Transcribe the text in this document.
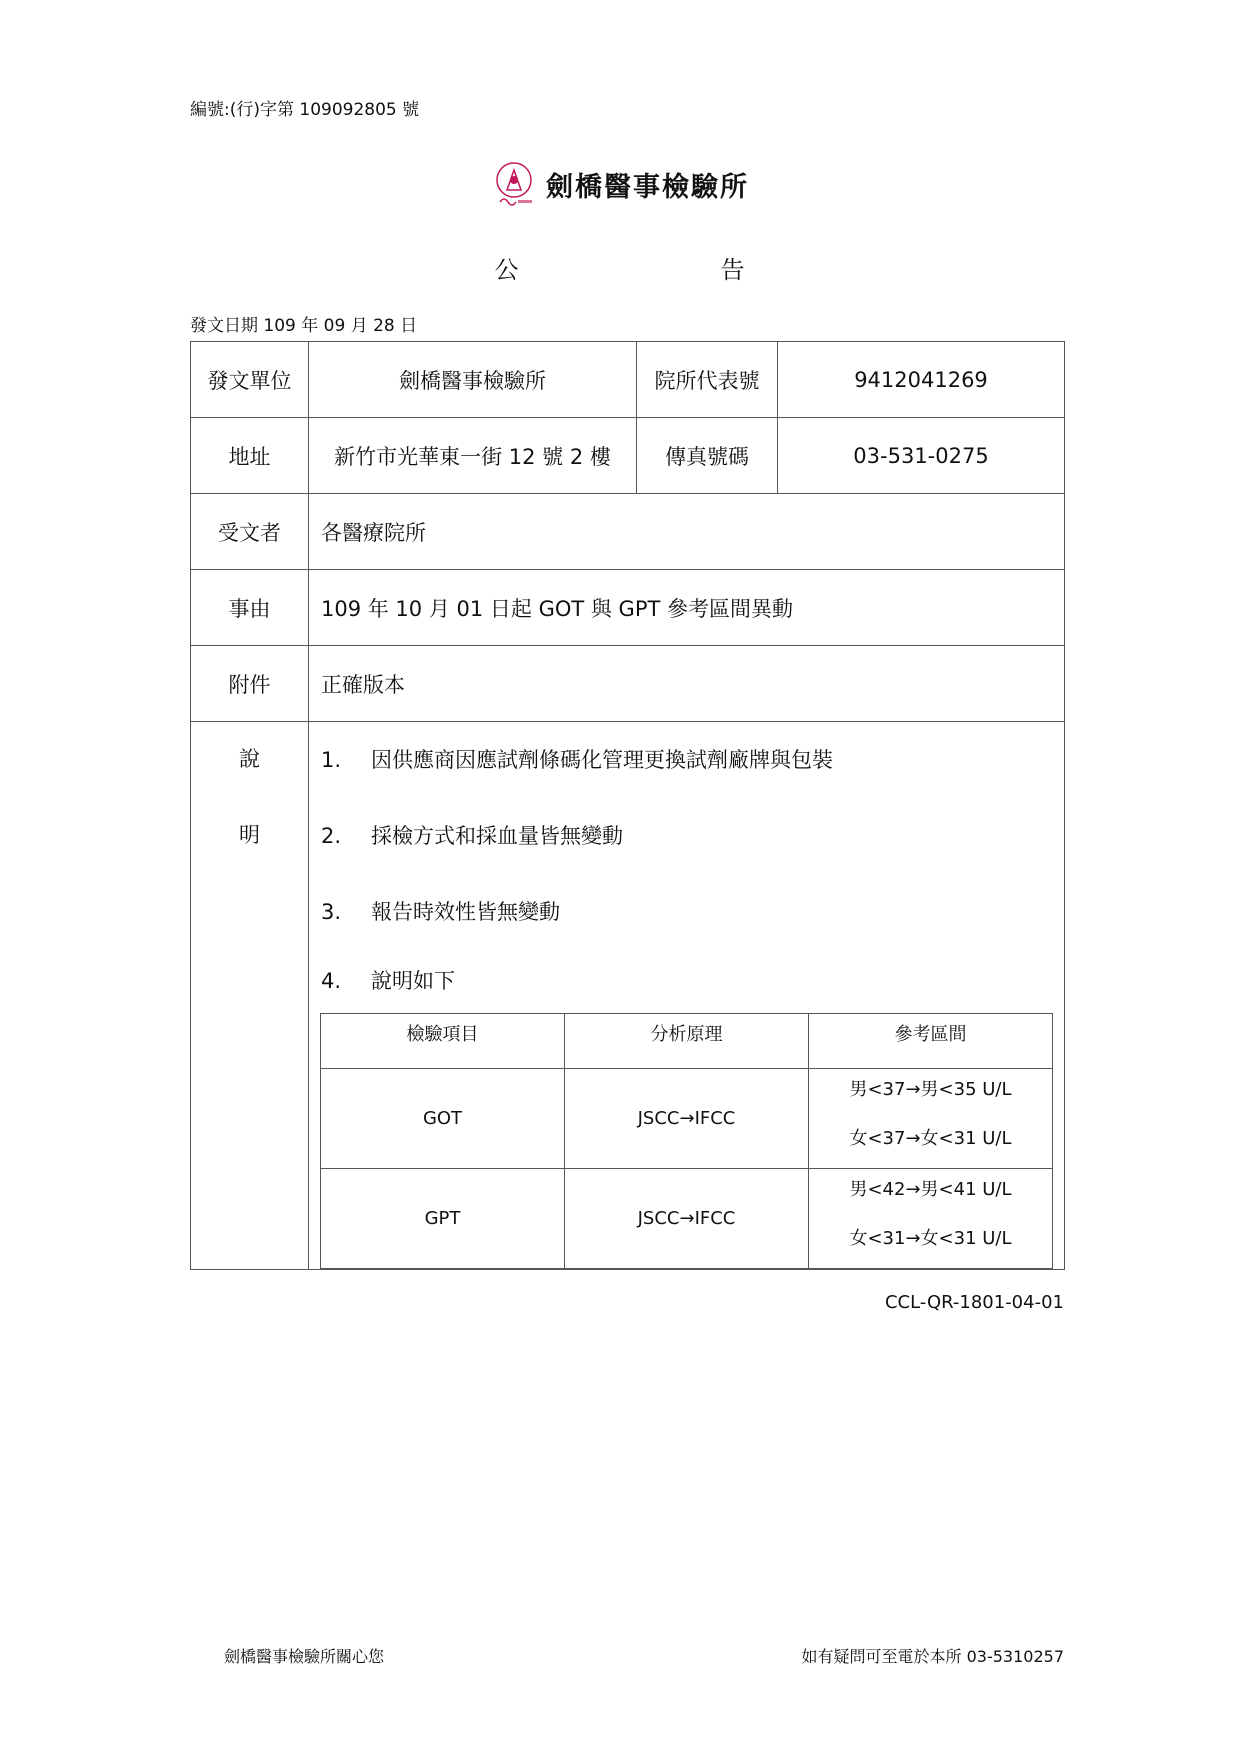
編號:(行)字第 109092805 號
劍橋醫事檢驗所
公	告
發文日期 109 年 09 月 28 日
發文單位	劍橋醫事檢驗所	院所代表號	9412041269
地址	新竹市光華東一街 12 號 2 樓	傳真號碼	03-531-0275
受文者	各醫療院所
事由	109 年 10 月 01 日起 GOT 與 GPT 參考區間異動
附件	正確版本

說
明

1.	因供應商因應試劑條碼化管理更換試劑廠牌與包裝
2.	採檢方式和採血量皆無變動
3.	報告時效性皆無變動
4.	說明如下
檢驗項目	分析原理	參考區間
GOT	JSCC→IFCC	
男<37→男<35 U/L
女<37→女<31 U/L

GPT	JSCC→IFCC	
男<42→男<41 U/L
女<31→女<31 U/L
CCL-QR-1801-04-01
劍橋醫事檢驗所關心您	如有疑問可至電於本所 03-5310257
